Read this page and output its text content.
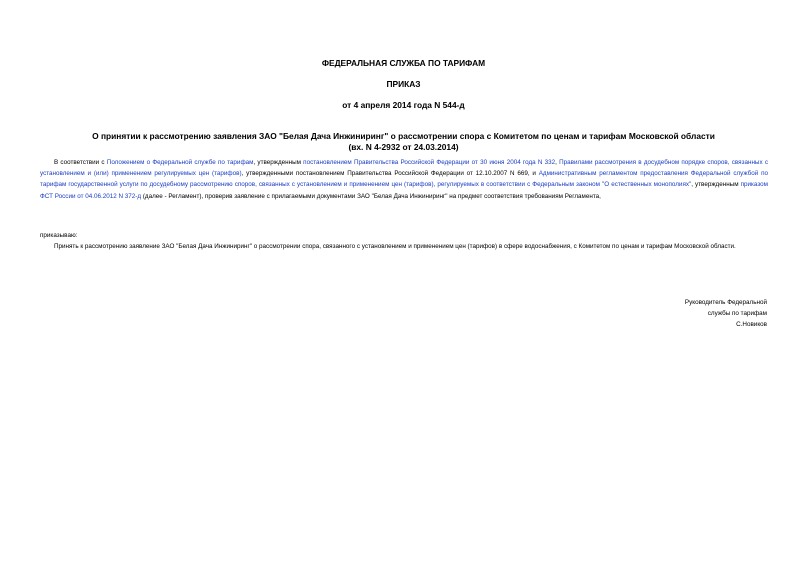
ФЕДЕРАЛЬНАЯ СЛУЖБА ПО ТАРИФАМ
ПРИКАЗ
от 4 апреля 2014 года N 544-д
О принятии к рассмотрению заявления ЗАО "Белая Дача Инжиниринг" о рассмотрении спора с Комитетом по ценам и тарифам Московской области
(вх. N 4-2932 от 24.03.2014)
В соответствии с Положением о Федеральной службе по тарифам, утвержденным постановлением Правительства Российской Федерации от 30 июня 2004 года N 332, Правилами рассмотрения в досудебном порядке споров, связанных с установлением и (или) применением регулируемых цен (тарифов), утвержденными постановлением Правительства Российской Федерации от 12.10.2007 N 669, и Административным регламентом предоставления Федеральной службой по тарифам государственной услуги по досудебному рассмотрению споров, связанных с установлением и применением цен (тарифов), регулируемых в соответствии с Федеральным законом "О естественных монополиях", утвержденным приказом ФСТ России от 04.06.2012 N 372-д (далее - Регламент), проверив заявление с прилагаемыми документами ЗАО "Белая Дача Инжиниринг" на предмет соответствия требованиям Регламента,
приказываю:
Принять к рассмотрению заявление ЗАО "Белая Дача Инжиниринг" о рассмотрении спора, связанного с установлением и применением цен (тарифов) в сфере водоснабжения, с Комитетом по ценам и тарифам Московской области.
Руководитель Федеральной
службы по тарифам
С.Новиков
